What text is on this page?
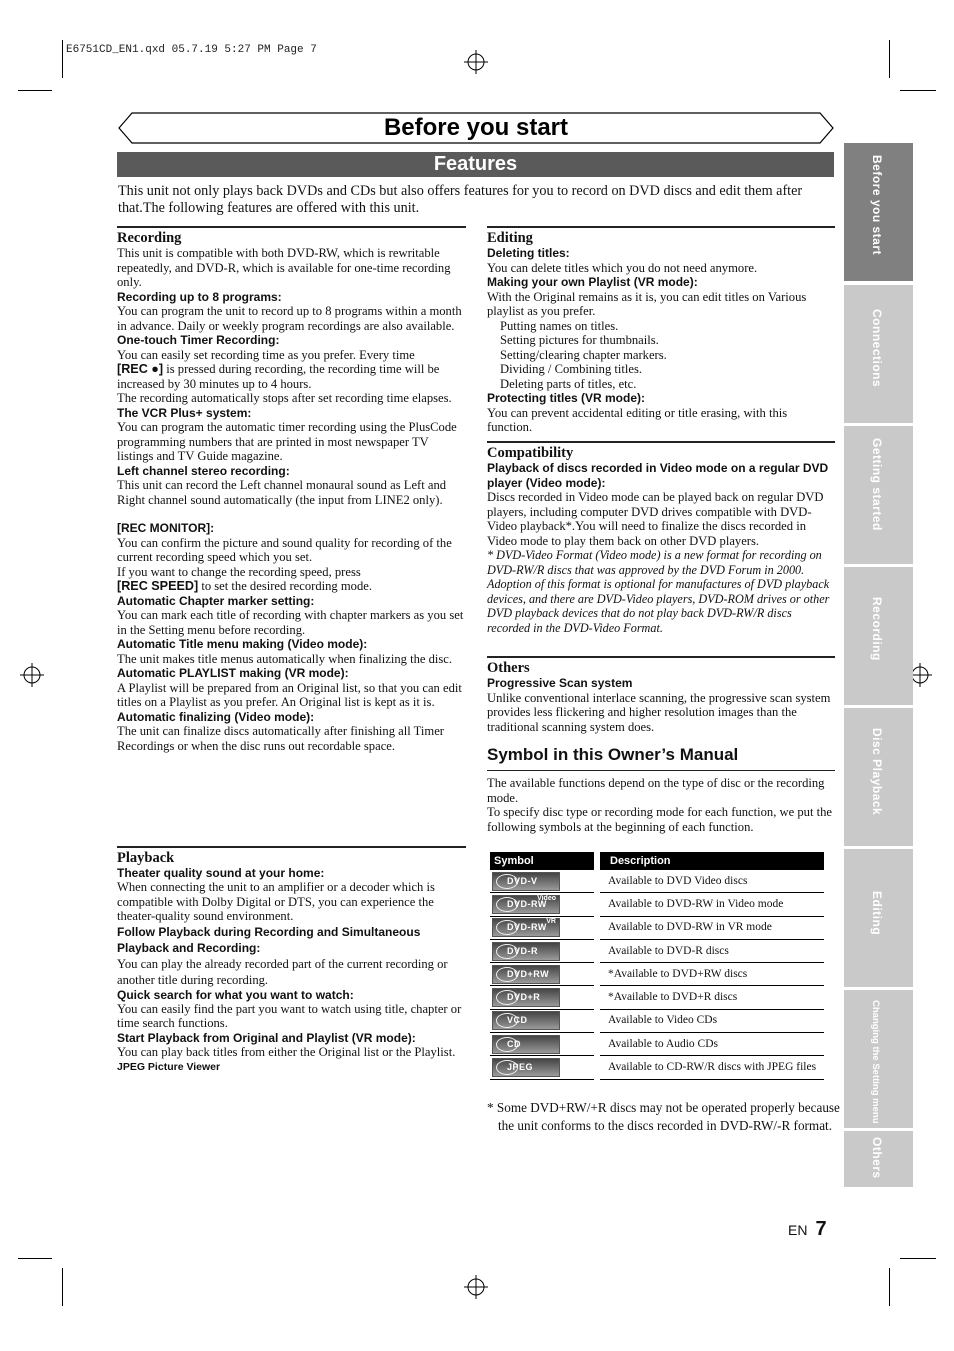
E6751CD_EN1.qxd 05.7.19 5:27 PM Page 7
Before you start
Features
This unit not only plays back DVDs and CDs but also offers features for you to record on DVD discs and edit them after that.The following features are offered with this unit.

Recording

This unit is compatible with both DVD-RW, which is rewritable repeatedly, and DVD-R, which is available for one-time recording only.

Recording up to 8 programs:

You can program the unit to record up to 8 programs within a month in advance. Daily or weekly program recordings are also available.

One-touch Timer Recording:

You can easily set recording time as you prefer. Every time
[REC ●] is pressed during recording, the recording time will be increased by 30 minutes up to 4 hours.

The recording automatically stops after set recording time elapses.

The VCR Plus+ system:

You can program the automatic timer recording using the PlusCode programming numbers that are printed in most newspaper TV listings and TV Guide magazine.

Left channel stereo recording:

This unit can record the Left channel monaural sound as Left and Right channel sound automatically (the input from LINE2 only).

[REC MONITOR]:

You can confirm the picture and sound quality for recording of the current recording speed which you set.

If you want to change the recording speed, press

[REC SPEED] to set the desired recording mode.

Automatic Chapter marker setting:

You can mark each title of recording with chapter markers as you set in the Setting menu before recording.

Automatic Title menu making (Video mode):

The unit makes title menus automatically when finalizing the disc.

Automatic PLAYLIST making (VR mode):

A Playlist will be prepared from an Original list, so that you can edit titles on a Playlist as you prefer. An Original list is kept as it is.

Automatic finalizing (Video mode):

The unit can finalize discs automatically after finishing all Timer Recordings or when the disc runs out recordable space.

Playback

Theater quality sound at your home:

When connecting the unit to an amplifier or a decoder which is compatible with Dolby Digital or DTS, you can experience the theater-quality sound environment.

Follow Playback during Recording and Simultaneous Playback and Recording:

You can play the already recorded part of the current recording or another title during recording.

Quick search for what you want to watch:

You can easily find the part you want to watch using title, chapter or time search functions.

Start Playback from Original and Playlist (VR mode):

You can play back titles from either the Original list or the Playlist.

JPEG Picture Viewer

Editing

Deleting titles:

You can delete titles which you do not need anymore.

Making your own Playlist (VR mode):

With the Original remains as it is, you can edit titles on Various playlist as you prefer.

Putting names on titles.

Setting pictures for thumbnails.

Setting/clearing chapter markers.

Dividing / Combining titles.

Deleting parts of titles, etc.

Protecting titles (VR mode):

You can prevent accidental editing or title erasing, with this function.

Compatibility

Playback of discs recorded in Video mode on a regular DVD player (Video mode):

Discs recorded in Video mode can be played back on regular DVD players, including computer DVD drives compatible with DVD-Video playback*.You will need to finalize the discs recorded in Video mode to play them back on other DVD players.

* DVD-Video Format (Video mode) is a new format for recording on DVD-RW/R discs that was approved by the DVD Forum in 2000. Adoption of this format is optional for manufactures of DVD playback devices, and there are DVD-Video players, DVD-ROM drives or other DVD playback devices that do not play back DVD-RW/R discs recorded in the DVD-Video Format.

Others

Progressive Scan system

Unlike conventional interlace scanning, the progressive scan system provides less flickering and higher resolution images than the traditional scanning system does.

Symbol in this Owner’s Manual

The available functions depend on the type of disc or the recording mode.

To specify disc type or recording mode for each function, we put the following symbols at the beginning of each function.

Symbol		Description

DVD-V		Available to DVD Video discs

DVD-RW
Video		Available to DVD-RW in Video mode

DVD-RW
VR		Available to DVD-RW in VR mode

DVD-R		Available to DVD-R discs

DVD+RW		*Available to DVD+RW discs

DVD+R		*Available to DVD+R discs

VCD		Available to Video CDs

CD		Available to Audio CDs

JPEG		Available to CD-RW/R discs with JPEG files
* Some DVD+RW/+R discs may not be operated properly because the unit conforms to the discs recorded in DVD-RW/-R format.
Before you start
Connections
Getting started
Recording
Disc Playback
Editing
Changing the Setting menu
Others
EN 7
